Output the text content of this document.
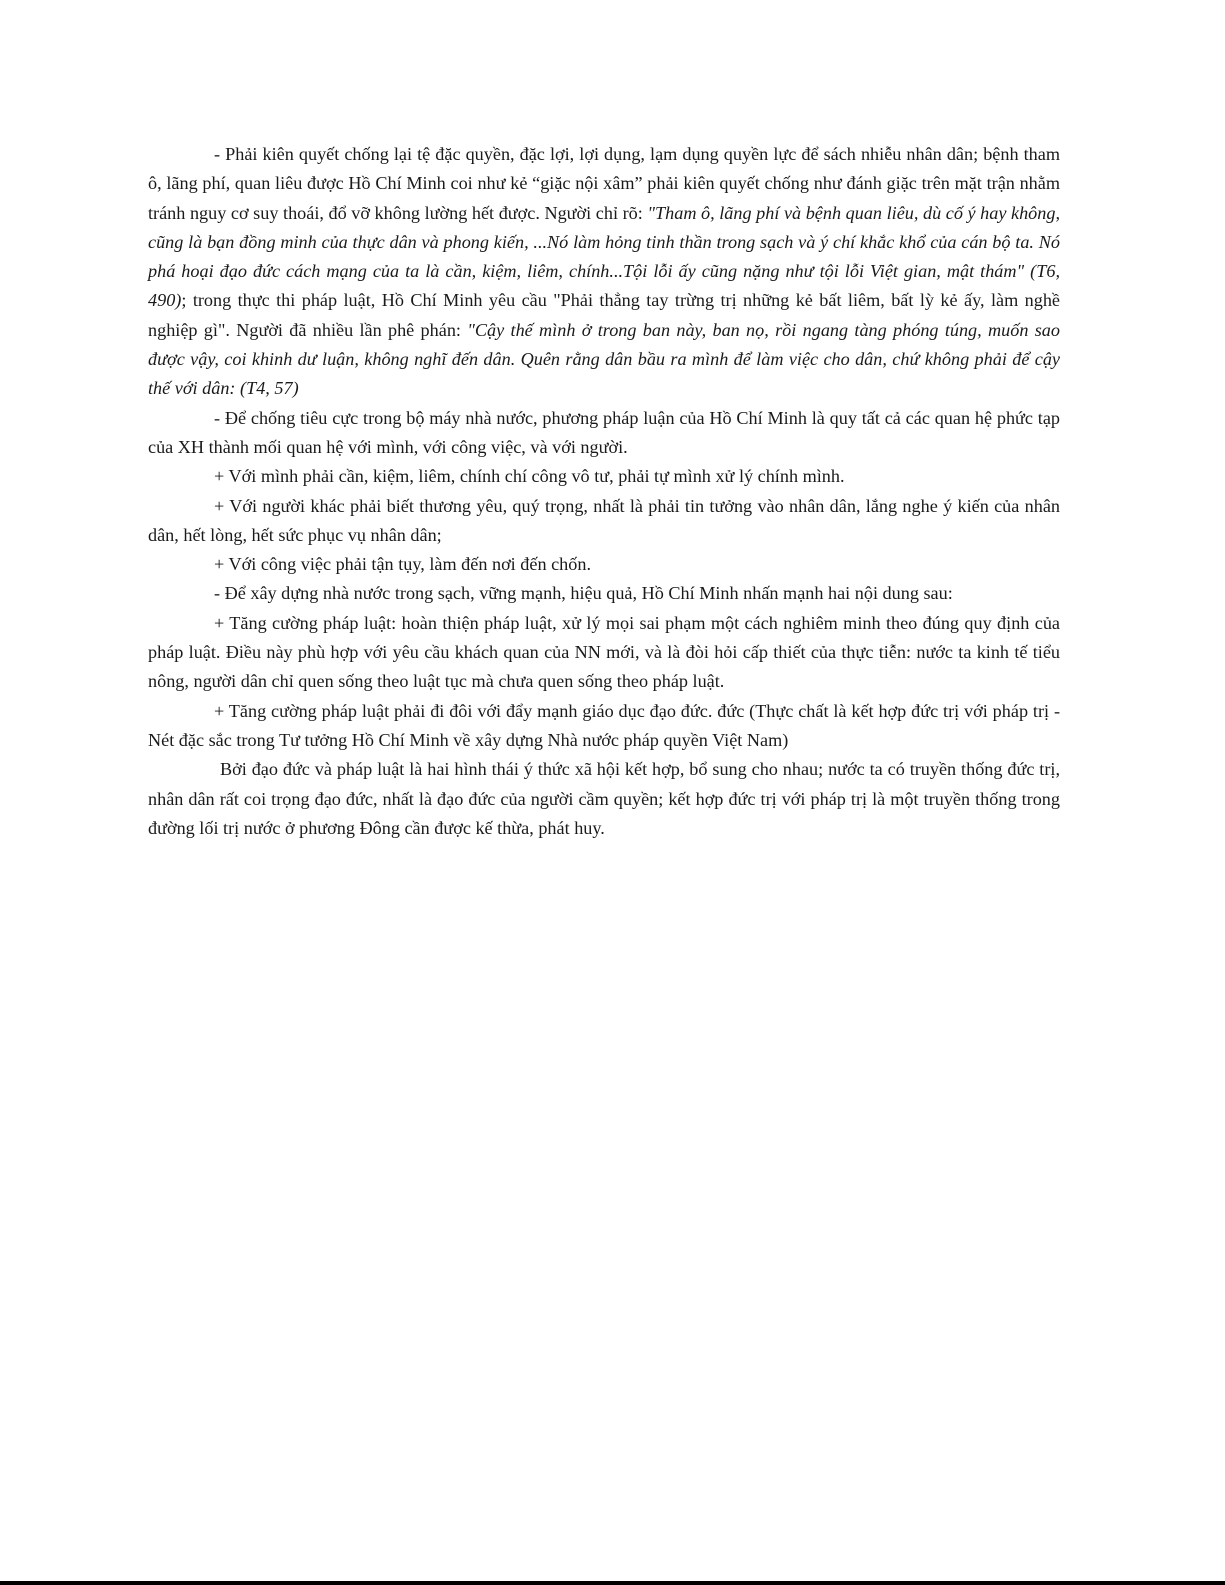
- Phải kiên quyết chống lại tệ đặc quyền, đặc lợi, lợi dụng, lạm dụng quyền lực để sách nhiễu nhân dân; bệnh tham ô, lãng phí, quan liêu được Hồ Chí Minh coi như kẻ “giặc nội xâm” phải kiên quyết chống như đánh giặc trên mặt trận nhằm tránh nguy cơ suy thoái, đổ vỡ không lường hết được. Người chỉ rõ: "Tham ô, lãng phí và bệnh quan liêu, dù cố ý hay không, cũng là bạn đồng minh của thực dân và phong kiến, ...Nó làm hỏng tinh thần trong sạch và ý chí khắc khổ của cán bộ ta. Nó phá hoại đạo đức cách mạng của ta là cần, kiệm, liêm, chính...Tội lỗi ấy cũng nặng như tội lỗi Việt gian, mật thám" (T6, 490); trong thực thi pháp luật, Hồ Chí Minh yêu cầu "Phải thẳng tay trừng trị những kẻ bất liêm, bất lỳ kẻ ấy, làm nghề nghiệp gì". Người đã nhiều lần phê phán: "Cậy thế mình ở trong ban này, ban nọ, rồi ngang tàng phóng túng, muốn sao được vậy, coi khinh dư luận, không nghĩ đến dân. Quên rằng dân bầu ra mình để làm việc cho dân, chứ không phải để cậy thế với dân: (T4, 57)

- Để chống tiêu cực trong bộ máy nhà nước, phương pháp luận của Hồ Chí Minh là quy tất cả các quan hệ phức tạp của XH thành mối quan hệ với mình, với công việc, và với người.

+ Với mình phải cần, kiệm, liêm, chính chí công vô tư, phải tự mình xử lý chính mình.

+ Với người khác phải biết thương yêu, quý trọng, nhất là phải tin tưởng vào nhân dân, lắng nghe ý kiến của nhân dân, hết lòng, hết sức phục vụ nhân dân;

+ Với công việc phải tận tụy, làm đến nơi đến chốn.

- Để xây dựng nhà nước trong sạch, vững mạnh, hiệu quả, Hồ Chí Minh nhấn mạnh hai nội dung sau:

+ Tăng cường pháp luật: hoàn thiện pháp luật, xử lý mọi sai phạm một cách nghiêm minh theo đúng quy định của pháp luật. Điều này phù hợp với yêu cầu khách quan của NN mới, và là đòi hỏi cấp thiết của thực tiễn: nước ta kinh tế tiểu nông, người dân chỉ quen sống theo luật tục mà chưa quen sống theo pháp luật.

+ Tăng cường pháp luật phải đi đôi với đẩy mạnh giáo dục đạo đức. đức (Thực chất là kết hợp đức trị với pháp trị - Nét đặc sắc trong Tư tưởng Hồ Chí Minh về xây dựng Nhà nước pháp quyền Việt Nam)

Bởi đạo đức và pháp luật là hai hình thái ý thức xã hội kết hợp, bổ sung cho nhau; nước ta có truyền thống đức trị, nhân dân rất coi trọng đạo đức, nhất là đạo đức của người cầm quyền; kết hợp đức trị với pháp trị là một truyền thống trong đường lối trị nước ở phương Đông cần được kế thừa, phát huy.
